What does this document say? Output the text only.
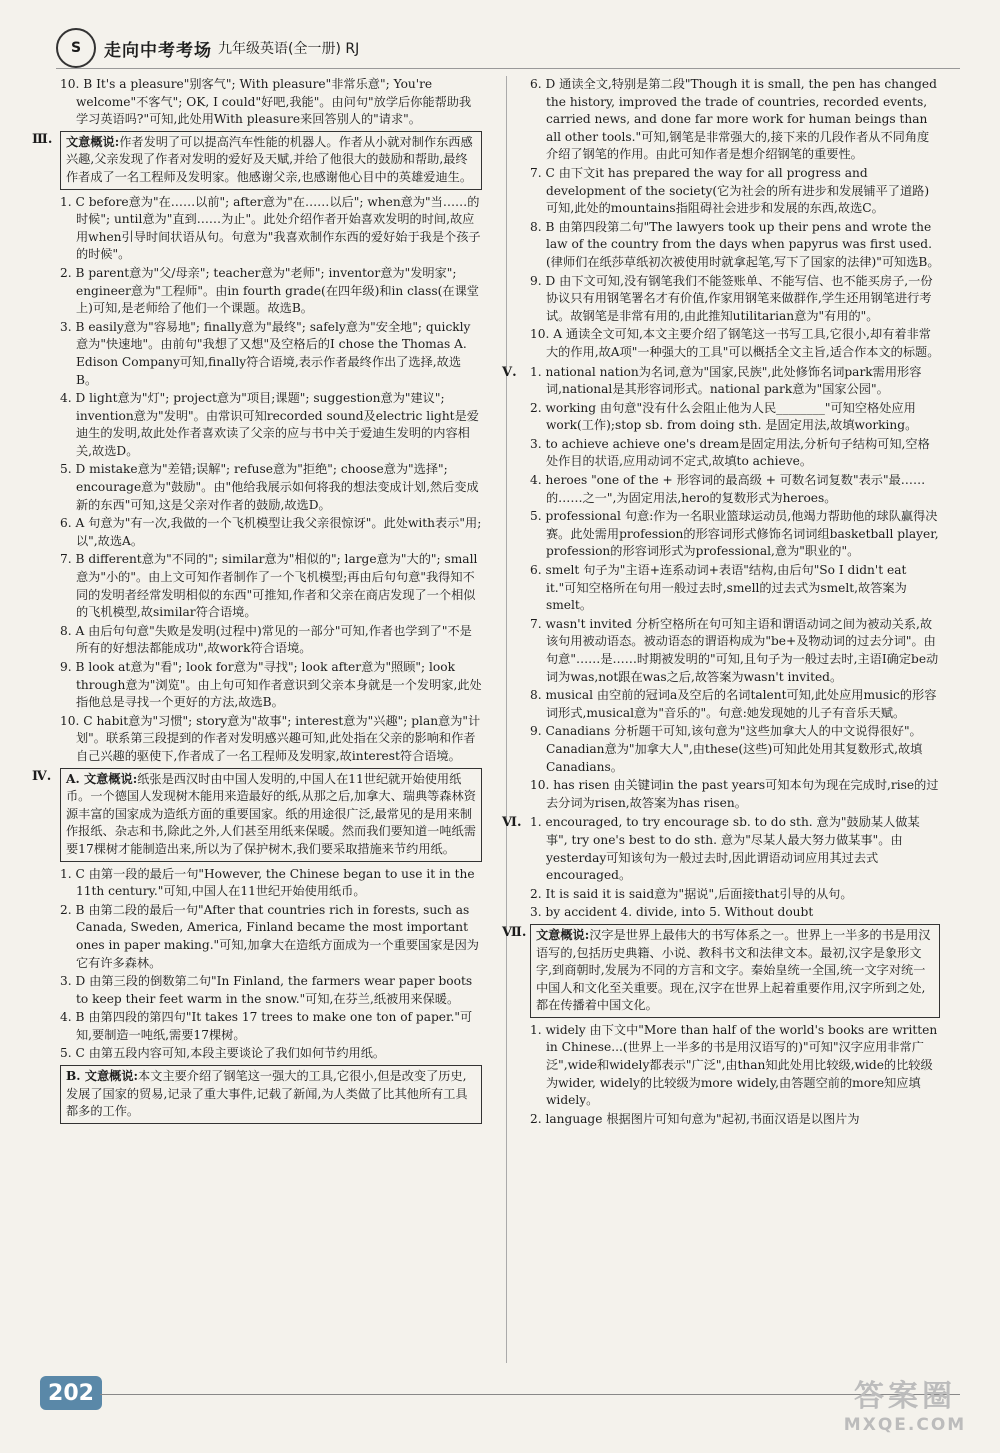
S 走向中考考场 九年级英语(全一册) RJ
10. B It's a pleasure"别客气"; With pleasure"非常乐意"; You're welcome"不客气"; OK, I could"好吧,我能"。由问句"放学后你能帮助我学习英语吗?"可知,此处用With pleasure来回答别人的"请求"。
Ⅲ.	文意概说:作者发明了可以提高汽车性能的机器人。作者从小就对制作东西感兴趣,父亲发现了作者对发明的爱好及天赋,并给了他很大的鼓励和帮助,最终作者成了一名工程师及发明家。他感谢父亲,也感谢他心目中的英雄爱迪生。
1. C before意为"在……以前"; after意为"在……以后"; when意为"当……的时候"; until意为"直到……为止"。此处介绍作者开始喜欢发明的时间,故应用when引导时间状语从句。句意为"我喜欢制作东西的爱好始于我是个孩子的时候"。
2. B parent意为"父/母亲"; teacher意为"老师"; inventor意为"发明家"; engineer意为"工程师"。由in fourth grade(在四年级)和in class(在课堂上)可知,是老师给了他们一个课题。故选B。
3. B easily意为"容易地"; finally意为"最终"; safely意为"安全地"; quickly意为"快速地"。由前句"我想了又想"及空格后的I chose the Thomas A. Edison Company可知,finally符合语境,表示作者最终作出了选择,故选B。
4. D light意为"灯"; project意为"项目;课题"; suggestion意为"建议"; invention意为"发明"。由常识可知recorded sound及electric light是爱迪生的发明,故此处作者喜欢读了父亲的应与书中关于爱迪生发明的内容相关,故选D。
5. D mistake意为"差错;误解"; refuse意为"拒绝"; choose意为"选择"; encourage意为"鼓励"。由"他给我展示如何将我的想法变成计划,然后变成新的东西"可知,这是父亲对作者的鼓励,故选D。
6. A 句意为"有一次,我做的一个飞机模型让我父亲很惊讶"。此处with表示"用;以",故选A。
7. B different意为"不同的"; similar意为"相似的"; large意为"大的"; small意为"小的"。由上文可知作者制作了一个飞机模型;再由后句句意"我得知不同的发明者经常发明相似的东西"可推知,作者和父亲在商店发现了一个相似的飞机模型,故similar符合语境。
8. A 由后句句意"失败是发明(过程中)常见的一部分"可知,作者也学到了"不是所有的好想法都能成功",故work符合语境。
9. B look at意为"看"; look for意为"寻找"; look after意为"照顾"; look through意为"浏览"。由上句可知作者意识到父亲本身就是一个发明家,此处指他总是寻找一个更好的方法,故选B。
10. C habit意为"习惯"; story意为"故事"; interest意为"兴趣"; plan意为"计划"。联系第三段提到的作者对发明感兴趣可知,此处指在父亲的影响和作者自己兴趣的驱使下,作者成了一名工程师及发明家,故interest符合语境。
Ⅳ.	A. 文意概说:纸张是西汉时由中国人发明的,中国人在11世纪就开始使用纸币。一个德国人发现树木能用来造最好的纸,从那之后,加拿大、瑞典等森林资源丰富的国家成为造纸方面的重要国家。纸的用途很广泛,最常见的是用来制作报纸、杂志和书,除此之外,人们甚至用纸来保暖。然而我们要知道一吨纸需要17棵树才能制造出来,所以为了保护树木,我们要采取措施来节约用纸。
1. C 由第一段的最后一句"However, the Chinese began to use it in the 11th century."可知,中国人在11世纪开始使用纸币。
2. B 由第二段的最后一句"After that countries rich in forests, such as Canada, Sweden, America, Finland became the most important ones in paper making."可知,加拿大在造纸方面成为一个重要国家是因为它有许多森林。
3. D 由第三段的倒数第二句"In Finland, the farmers wear paper boots to keep their feet warm in the snow."可知,在芬兰,纸被用来保暖。
4. B 由第四段的第四句"It takes 17 trees to make one ton of paper."可知,要制造一吨纸,需要17棵树。
5. C 由第五段内容可知,本段主要谈论了我们如何节约用纸。
B. 文意概说:本文主要介绍了钢笔这一强大的工具,它很小,但是改变了历史,发展了国家的贸易,记录了重大事件,记载了新闻,为人类做了比其他所有工具都多的工作。
6. D 通读全文,特别是第二段"Though it is small, the pen has changed the history, improved the trade of countries, recorded events, carried news, and done far more work for human beings than all other tools."可知,钢笔是非常强大的,接下来的几段作者从不同角度介绍了钢笔的作用。由此可知作者是想介绍钢笔的重要性。
7. C 由下文it has prepared the way for all progress and development of the society(它为社会的所有进步和发展铺平了道路)可知,此处的mountains指阻碍社会进步和发展的东西,故选C。
8. B 由第四段第二句"The lawyers took up their pens and wrote the law of the country from the days when papyrus was first used.(律师们在纸莎草纸初次被使用时就拿起笔,写下了国家的法律)"可知选B。
9. D 由下文可知,没有钢笔我们不能签账单、不能写信、也不能买房子,一份协议只有用钢笔署名才有价值,作家用钢笔来做群作,学生还用钢笔进行考试。故钢笔是非常有用的,由此推知utilitarian意为"有用的"。
10. A 通读全文可知,本文主要介绍了钢笔这一书写工具,它很小,却有着非常大的作用,故A项"一种强大的工具"可以概括全文主旨,适合作本文的标题。
Ⅴ. 1. national nation为名词,意为"国家,民族",此处修饰名词park需用形容词,national是其形容词形式。national park意为"国家公园"。
2. working 由句意"没有什么会阻止他为人民________"可知空格处应用work(工作);stop sb. from doing sth. 是固定用法,故填working。
3. to achieve achieve one's dream是固定用法,分析句子结构可知,空格处作目的状语,应用动词不定式,故填to achieve。
4. heroes "one of the + 形容词的最高级 + 可数名词复数"表示"最……的……之一",为固定用法,hero的复数形式为heroes。
5. professional 句意:作为一名职业篮球运动员,他竭力帮助他的球队赢得决赛。此处需用profession的形容词形式修饰名词词组basketball player, profession的形容词形式为professional,意为"职业的"。
6. smelt 句子为"主语+连系动词+表语"结构,由后句"So I didn't eat it."可知空格所在句用一般过去时,smell的过去式为smelt,故答案为smelt。
7. wasn't invited 分析空格所在句可知主语和谓语动词之间为被动关系,故该句用被动语态。被动语态的谓语构成为"be+及物动词的过去分词"。由句意"……是……时期被发明的"可知,且句子为一般过去时,主语I确定be动词为was,not跟在was之后,故答案为wasn't invited。
8. musical 由空前的冠词a及空后的名词talent可知,此处应用music的形容词形式,musical意为"音乐的"。句意:她发现她的儿子有音乐天赋。
9. Canadians 分析题干可知,该句意为"这些加拿大人的中文说得很好"。Canadian意为"加拿大人",由these(这些)可知此处用其复数形式,故填Canadians。
10. has risen 由关键词in the past years可知本句为现在完成时,rise的过去分词为risen,故答案为has risen。
Ⅵ. 1. encouraged, to try encourage sb. to do sth. 意为"鼓励某人做某事", try one's best to do sth. 意为"尽某人最大努力做某事"。由yesterday可知该句为一般过去时,因此谓语动词应用其过去式encouraged。
2. It is said it is said意为"据说",后面接that引导的从句。
3. by accident 4. divide, into 5. Without doubt
Ⅶ. 文意概说:汉字是世界上最伟大的书写体系之一。世界上一半多的书是用汉语写的,包括历史典籍、小说、教科书文和法律文本。最初,汉字是象形文字,到商朝时,发展为不同的方言和文字。秦始皇统一全国,统一文字对统一中国人和文化至关重要。现在,汉字在世界上起着重要作用,汉字所到之处,都在传播着中国文化。
1. widely 由下文中"More than half of the world's books are written in Chinese...(世界上一半多的书是用汉语写的)"可知"汉字应用非常广泛",wide和widely都表示"广泛",由than知此处用比较级,wide的比较级为wider, widely的比较级为more widely,由答题空前的more知应填widely。
2. language 根据图片可知句意为"起初,书面汉语是以图片为
202	答案圈
MXQE.COM
